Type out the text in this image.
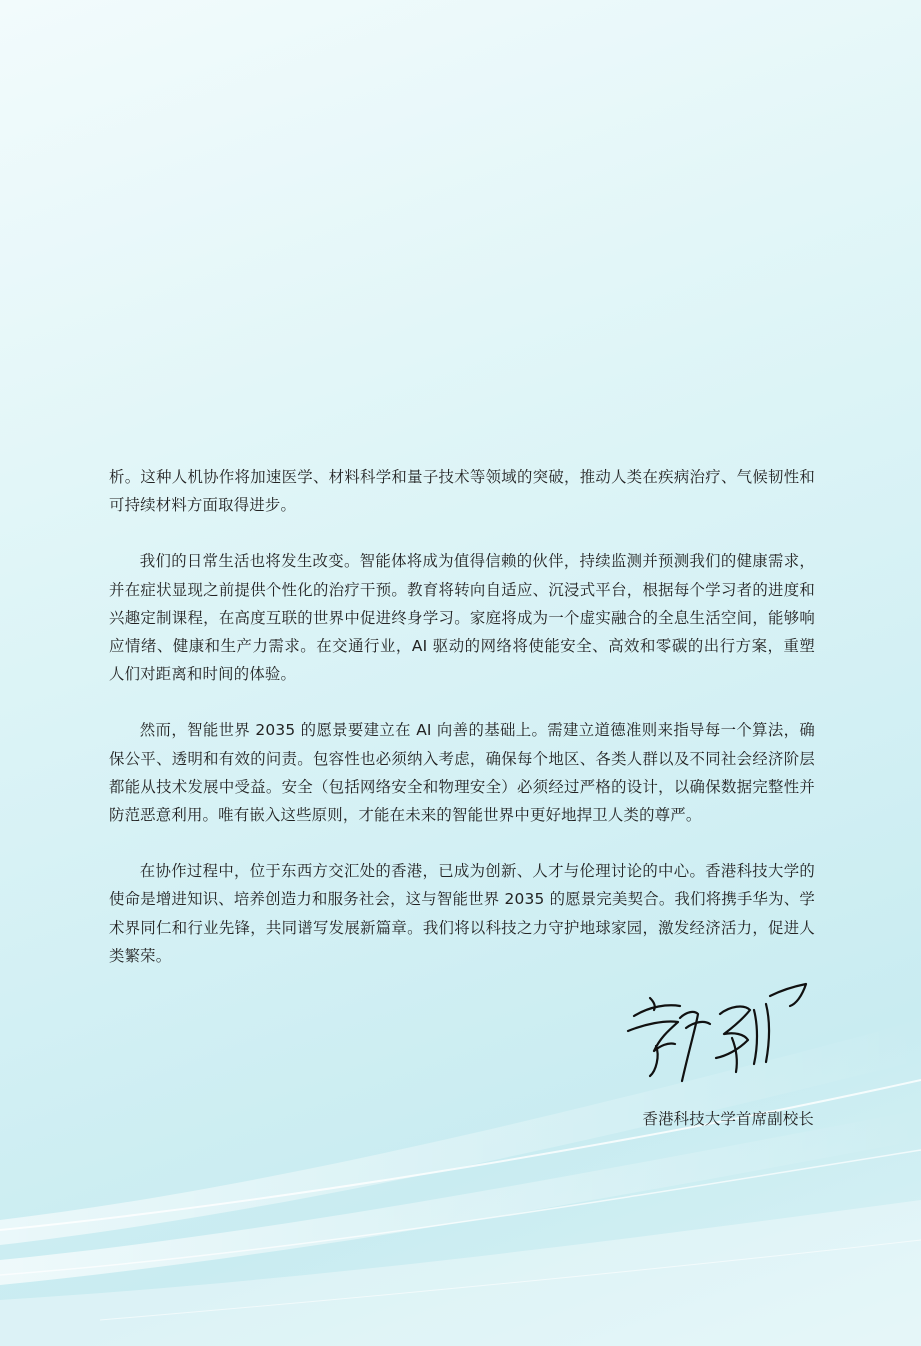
析。这种人机协作将加速医学、材料科学和量子技术等领域的突破，推动人类在疾病治疗、气候韧性和可持续材料方面取得进步。

我们的日常生活也将发生改变。智能体将成为值得信赖的伙伴，持续监测并预测我们的健康需求，并在症状显现之前提供个性化的治疗干预。教育将转向自适应、沉浸式平台，根据每个学习者的进度和兴趣定制课程，在高度互联的世界中促进终身学习。家庭将成为一个虚实融合的全息生活空间，能够响应情绪、健康和生产力需求。在交通行业，AI 驱动的网络将使能安全、高效和零碳的出行方案，重塑人们对距离和时间的体验。

然而，智能世界 2035 的愿景要建立在 AI 向善的基础上。需建立道德准则来指导每一个算法，确保公平、透明和有效的问责。包容性也必须纳入考虑，确保每个地区、各类人群以及不同社会经济阶层都能从技术发展中受益。安全（包括网络安全和物理安全）必须经过严格的设计，以确保数据完整性并防范恶意利用。唯有嵌入这些原则，才能在未来的智能世界中更好地捍卫人类的尊严。

在协作过程中，位于东西方交汇处的香港，已成为创新、人才与伦理讨论的中心。香港科技大学的使命是增进知识、培养创造力和服务社会，这与智能世界 2035 的愿景完美契合。我们将携手华为、学术界同仁和行业先锋，共同谱写发展新篇章。我们将以科技之力守护地球家园，激发经济活力，促进人类繁荣。

香港科技大学首席副校长
